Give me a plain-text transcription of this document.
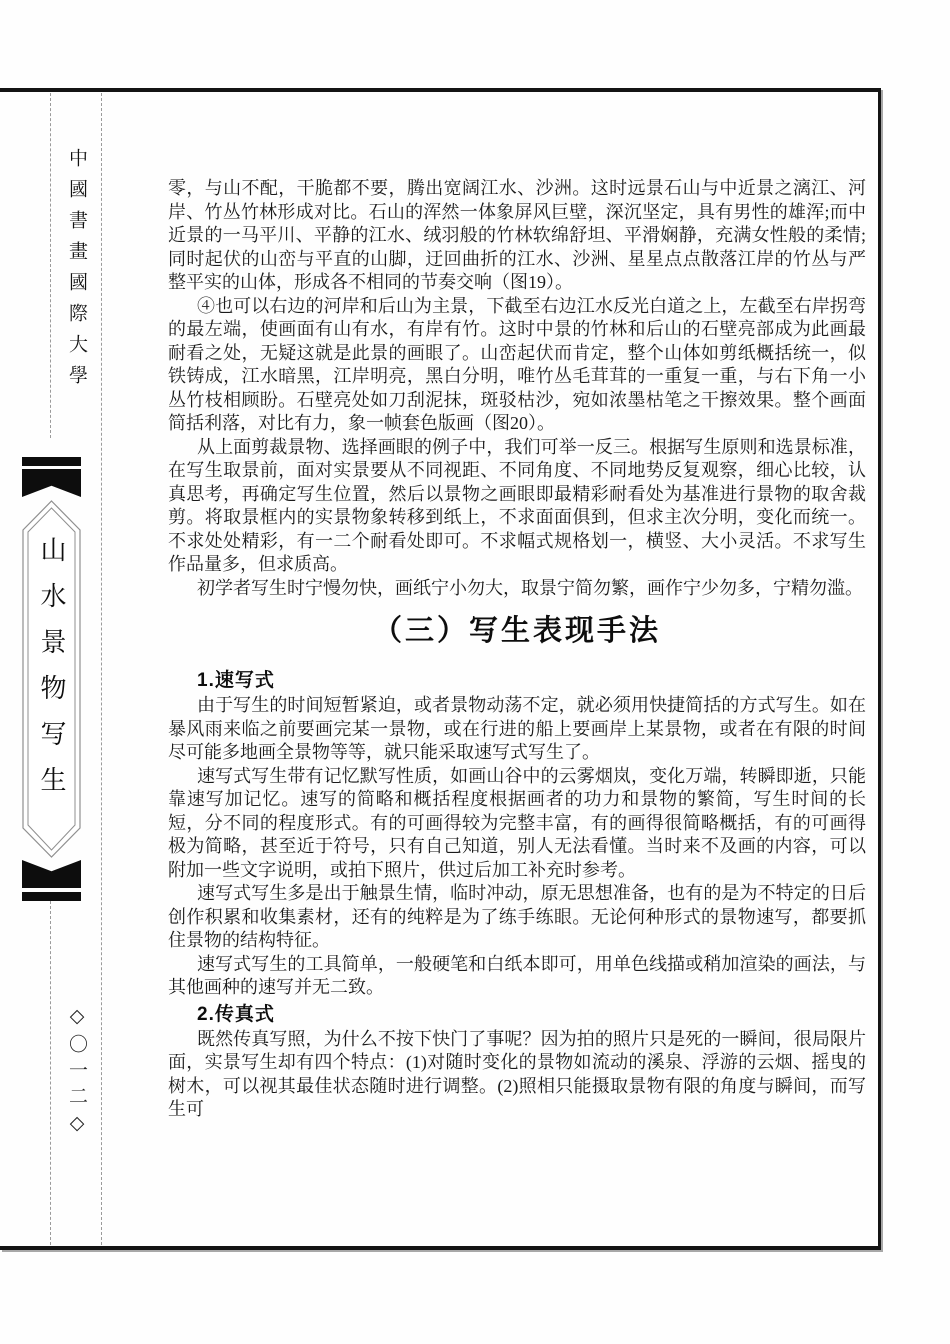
中國書畫國際大學
山水景物写生
◇〇一二◇

零，与山不配，干脆都不要，腾出宽阔江水、沙洲。这时远景石山与中近景之漓江、河岸、竹丛竹林形成对比。石山的浑然一体象屏风巨壁，深沉坚定，具有男性的雄浑;而中近景的一马平川、平静的江水、绒羽般的竹林软绵舒坦、平滑娴静，充满女性般的柔情;同时起伏的山峦与平直的山脚，迂回曲折的江水、沙洲、星星点点散落江岸的竹丛与严整平实的山体，形成各不相同的节奏交响（图19）。

④也可以右边的河岸和后山为主景，下截至右边江水反光白道之上，左截至右岸拐弯的最左端，使画面有山有水，有岸有竹。这时中景的竹林和后山的石壁亮部成为此画最耐看之处，无疑这就是此景的画眼了。山峦起伏而肯定，整个山体如剪纸概括统一，似铁铸成，江水暗黑，江岸明亮，黑白分明，唯竹丛毛茸茸的一重复一重，与右下角一小丛竹枝相顾盼。石壁亮处如刀刮泥抹，斑驳枯沙，宛如浓墨枯笔之干擦效果。整个画面简括利落，对比有力，象一帧套色版画（图20）。

从上面剪裁景物、选择画眼的例子中，我们可举一反三。根据写生原则和选景标准，在写生取景前，面对实景要从不同视距、不同角度、不同地势反复观察，细心比较，认真思考，再确定写生位置，然后以景物之画眼即最精彩耐看处为基准进行景物的取舍裁剪。将取景框内的实景物象转移到纸上，不求面面俱到，但求主次分明，变化而统一。不求处处精彩，有一二个耐看处即可。不求幅式规格划一，横竖、大小灵活。不求写生作品量多，但求质高。

初学者写生时宁慢勿快，画纸宁小勿大，取景宁简勿繁，画作宁少勿多，宁精勿滥。

（三）写生表现手法
1.速写式

由于写生的时间短暂紧迫，或者景物动荡不定，就必须用快捷简括的方式写生。如在暴风雨来临之前要画完某一景物，或在行进的船上要画岸上某景物，或者在有限的时间尽可能多地画全景物等等，就只能采取速写式写生了。

速写式写生带有记忆默写性质，如画山谷中的云雾烟岚，变化万端，转瞬即逝，只能靠速写加记忆。速写的简略和概括程度根据画者的功力和景物的繁简，写生时间的长短，分不同的程度形式。有的可画得较为完整丰富，有的画得很简略概括，有的可画得极为简略，甚至近于符号，只有自己知道，别人无法看懂。当时来不及画的内容，可以附加一些文字说明，或拍下照片，供过后加工补充时参考。

速写式写生多是出于触景生情，临时冲动，原无思想准备，也有的是为不特定的日后创作积累和收集素材，还有的纯粹是为了练手练眼。无论何种形式的景物速写，都要抓住景物的结构特征。

速写式写生的工具简单，一般硬笔和白纸本即可，用单色线描或稍加渲染的画法，与其他画种的速写并无二致。

2.传真式

既然传真写照，为什么不按下快门了事呢？因为拍的照片只是死的一瞬间，很局限片面，实景写生却有四个特点：(1)对随时变化的景物如流动的溪泉、浮游的云烟、摇曳的树木，可以视其最佳状态随时进行调整。(2)照相只能摄取景物有限的角度与瞬间，而写生可
